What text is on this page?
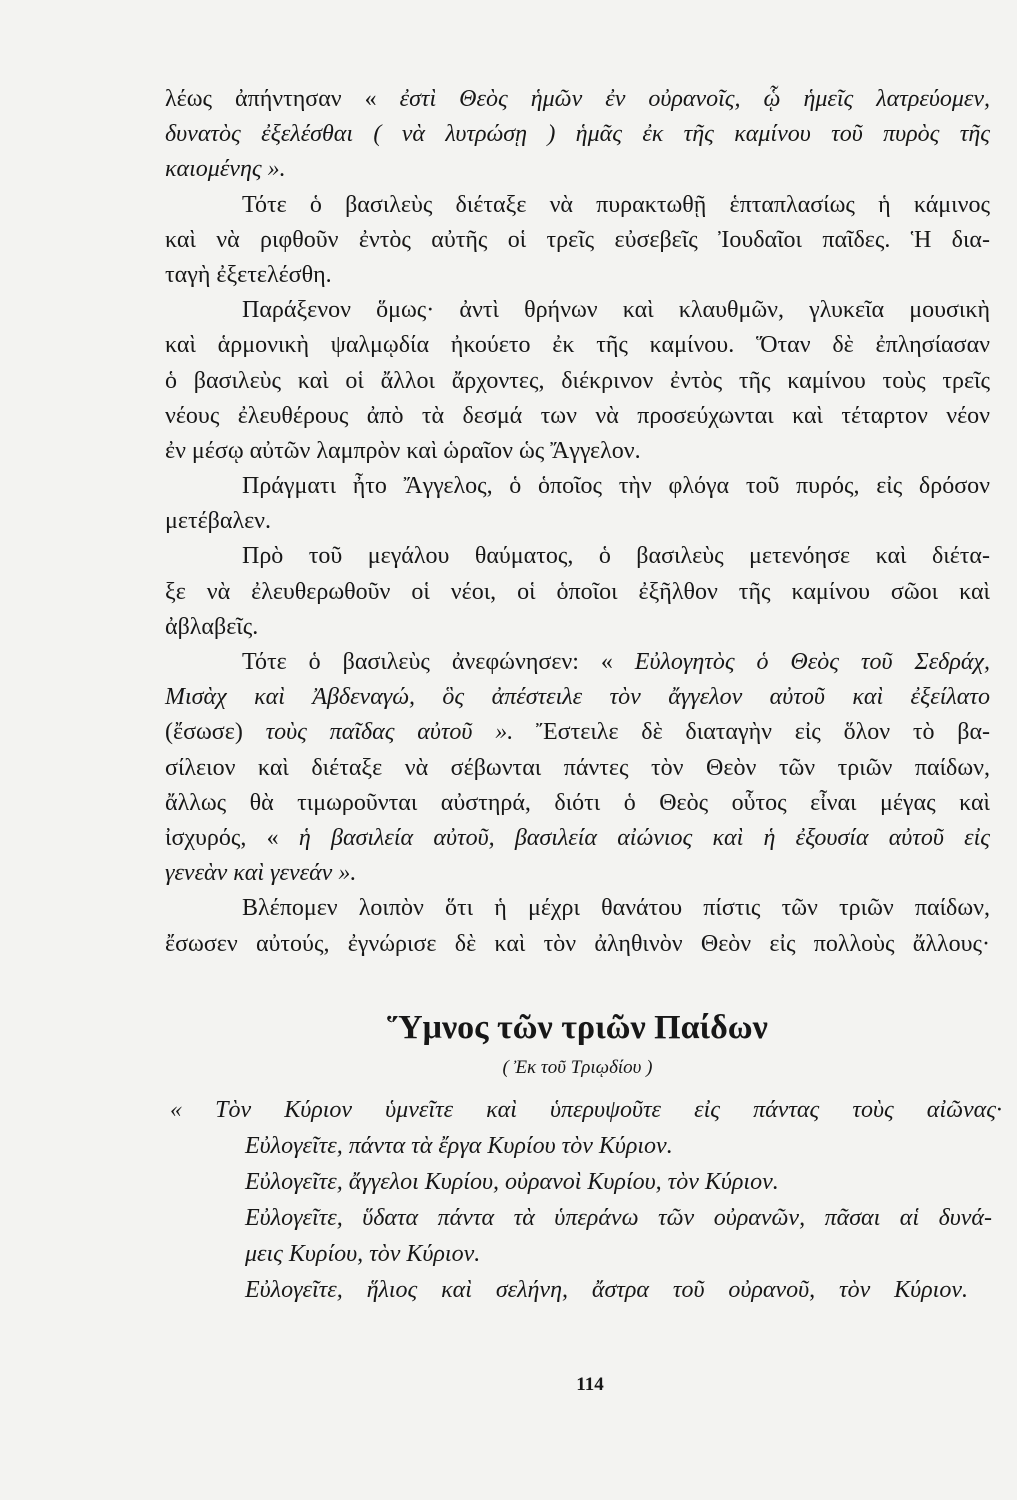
λέως ἀπήντησαν « ἐστὶ Θεὸς ἡμῶν ἐν οὐρανοῖς, ᾧ ἡμεῖς λατρεύομεν,
δυνατὸς ἐξελέσθαι ( νὰ λυτρώσῃ ) ἡμᾶς ἐκ τῆς καμίνου τοῦ πυρὸς τῆς
καιομένης ».
Τότε ὁ βασιλεὺς διέταξε νὰ πυρακτωθῇ ἑπταπλασίως ἡ κάμινος
καὶ νὰ ριφθοῦν ἐντὸς αὐτῆς οἱ τρεῖς εὐσεβεῖς Ἰουδαῖοι παῖδες. Ἡ δια-
ταγὴ ἐξετελέσθη.
Παράξενον ὅμως· ἀντὶ θρήνων καὶ κλαυθμῶν, γλυκεῖα μουσικὴ
καὶ ἁρμονικὴ ψαλμῳδία ἠκούετο ἐκ τῆς καμίνου. Ὅταν δὲ ἐπλησίασαν
ὁ βασιλεὺς καὶ οἱ ἄλλοι ἄρχοντες, διέκρινον ἐντὸς τῆς καμίνου τοὺς τρεῖς
νέους ἐλευθέρους ἀπὸ τὰ δεσμά των νὰ προσεύχωνται καὶ τέταρτον νέον
ἐν μέσῳ αὐτῶν λαμπρὸν καὶ ὡραῖον ὡς Ἄγγελον.
Πράγματι ἦτο Ἄγγελος, ὁ ὁποῖος τὴν φλόγα τοῦ πυρός, εἰς δρόσον
μετέβαλεν.
Πρὸ τοῦ μεγάλου θαύματος, ὁ βασιλεὺς μετενόησε καὶ διέτα-
ξε νὰ ἐλευθερωθοῦν οἱ νέοι, οἱ ὁποῖοι ἐξῆλθον τῆς καμίνου σῶοι καὶ
ἀβλαβεῖς.
Τότε ὁ βασιλεὺς ἀνεφώνησεν: « Εὐλογητὸς ὁ Θεὸς τοῦ Σεδράχ,
Μισὰχ καὶ Ἀβδεναγώ, ὃς ἀπέστειλε τὸν ἄγγελον αὐτοῦ καὶ ἐξείλατο
(ἔσωσε) τοὺς παῖδας αὐτοῦ ». Ἔστειλε δὲ διαταγὴν εἰς ὅλον τὸ βα-
σίλειον καὶ διέταξε νὰ σέβωνται πάντες τὸν Θεὸν τῶν τριῶν παίδων,
ἄλλως θὰ τιμωροῦνται αὐστηρά, διότι ὁ Θεὸς οὗτος εἶναι μέγας καὶ
ἰσχυρός, « ἡ βασιλεία αὐτοῦ, βασιλεία αἰώνιος καὶ ἡ ἐξουσία αὐτοῦ εἰς
γενεὰν καὶ γενεάν ».
Βλέπομεν λοιπὸν ὅτι ἡ μέχρι θανάτου πίστις τῶν τριῶν παίδων,
ἔσωσεν αὐτούς, ἐγνώρισε δὲ καὶ τὸν ἀληθινὸν Θεὸν εἰς πολλοὺς ἄλλους·
Ὕμνος τῶν τριῶν Παίδων
( Ἐκ τοῦ Τριῳδίου )
« Τὸν Κύριον ὑμνεῖτε καὶ ὑπερυψοῦτε εἰς πάντας τοὺς αἰῶνας·
Εὐλογεῖτε, πάντα τὰ ἔργα Κυρίου τὸν Κύριον.
Εὐλογεῖτε, ἄγγελοι Κυρίου, οὐρανοὶ Κυρίου, τὸν Κύριον.
Εὐλογεῖτε, ὕδατα πάντα τὰ ὑπεράνω τῶν οὐρανῶν, πᾶσαι αἱ δυνά-
μεις Κυρίου, τὸν Κύριον.
Εὐλογεῖτε, ἥλιος καὶ σελήνη, ἄστρα τοῦ οὐρανοῦ, τὸν Κύριον.
114
